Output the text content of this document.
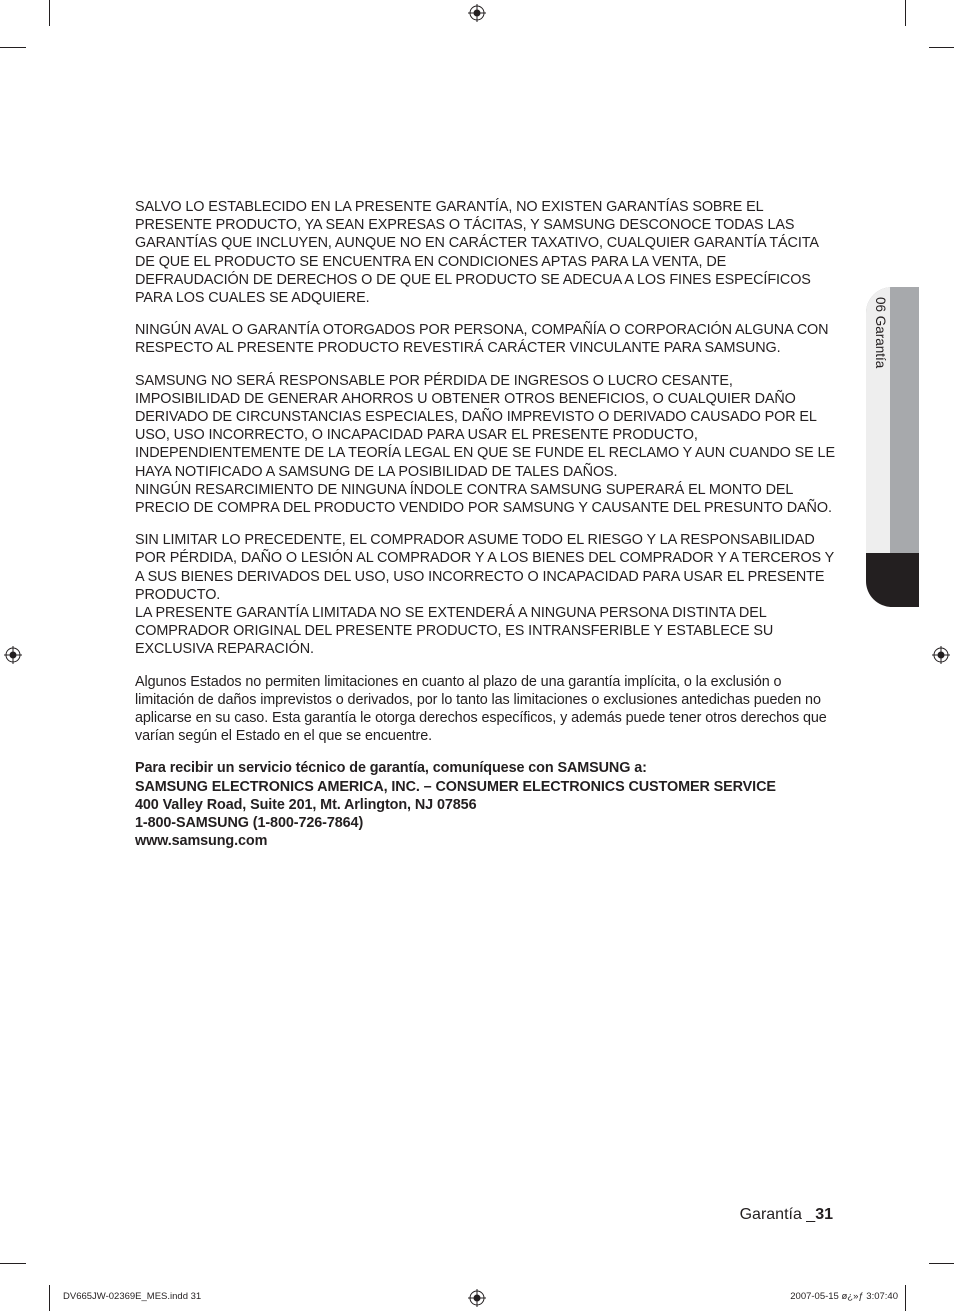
06 Garantía

SALVO LO ESTABLECIDO EN LA PRESENTE GARANTÍA, NO EXISTEN GARANTÍAS SOBRE EL PRESENTE PRODUCTO, YA SEAN EXPRESAS O TÁCITAS, Y SAMSUNG DESCONOCE TODAS LAS GARANTÍAS QUE INCLUYEN, AUNQUE NO EN CARÁCTER TAXATIVO, CUALQUIER GARANTÍA TÁCITA DE QUE EL PRODUCTO SE ENCUENTRA EN CONDICIONES APTAS PARA LA VENTA, DE DEFRAUDACIÓN DE DERECHOS O DE QUE EL PRODUCTO SE ADECUA A LOS FINES ESPECÍFICOS PARA LOS CUALES SE ADQUIERE.

NINGÚN AVAL O GARANTÍA OTORGADOS POR PERSONA, COMPAÑÍA O CORPORACIÓN ALGUNA CON RESPECTO AL PRESENTE PRODUCTO REVESTIRÁ CARÁCTER VINCULANTE PARA SAMSUNG.

SAMSUNG NO SERÁ RESPONSABLE POR PÉRDIDA DE INGRESOS O LUCRO CESANTE, IMPOSIBILIDAD DE GENERAR AHORROS U OBTENER OTROS BENEFICIOS, O CUALQUIER DAÑO DERIVADO DE CIRCUNSTANCIAS ESPECIALES, DAÑO IMPREVISTO O DERIVADO CAUSADO POR EL USO, USO INCORRECTO, O INCAPACIDAD PARA USAR EL PRESENTE PRODUCTO, INDEPENDIENTEMENTE DE LA TEORÍA LEGAL EN QUE SE FUNDE EL RECLAMO Y AUN CUANDO SE LE HAYA NOTIFICADO A SAMSUNG DE LA POSIBILIDAD DE TALES DAÑOS.

NINGÚN RESARCIMIENTO DE NINGUNA ÍNDOLE CONTRA SAMSUNG SUPERARÁ EL MONTO DEL PRECIO DE COMPRA DEL PRODUCTO VENDIDO POR SAMSUNG Y CAUSANTE DEL PRESUNTO DAÑO.

SIN LIMITAR LO PRECEDENTE, EL COMPRADOR ASUME TODO EL RIESGO Y LA RESPONSABILIDAD POR PÉRDIDA, DAÑO O LESIÓN AL COMPRADOR Y A LOS BIENES DEL COMPRADOR Y A TERCEROS Y A SUS BIENES DERIVADOS DEL USO, USO INCORRECTO O INCAPACIDAD PARA USAR EL PRESENTE PRODUCTO.

LA PRESENTE GARANTÍA LIMITADA NO SE EXTENDERÁ A NINGUNA PERSONA DISTINTA DEL COMPRADOR ORIGINAL DEL PRESENTE PRODUCTO, ES INTRANSFERIBLE Y ESTABLECE SU EXCLUSIVA REPARACIÓN.

Algunos Estados no permiten limitaciones en cuanto al plazo de una garantía implícita, o la exclusión o limitación de daños imprevistos o derivados, por lo tanto las limitaciones o exclusiones antedichas pueden no aplicarse en su caso. Esta garantía le otorga derechos específicos, y además puede tener otros derechos que varían según el Estado en el que se encuentre.

Para recibir un servicio técnico de garantía, comuníquese con SAMSUNG a:
SAMSUNG ELECTRONICS AMERICA, INC. – CONSUMER ELECTRONICS CUSTOMER SERVICE
400 Valley Road, Suite 201, Mt. Arlington, NJ 07856
1-800-SAMSUNG (1-800-726-7864)
www.samsung.com
Garantía _31
DV665JW-02369E_MES.indd 31	2007-05-15 ø¿»ƒ 3:07:40
